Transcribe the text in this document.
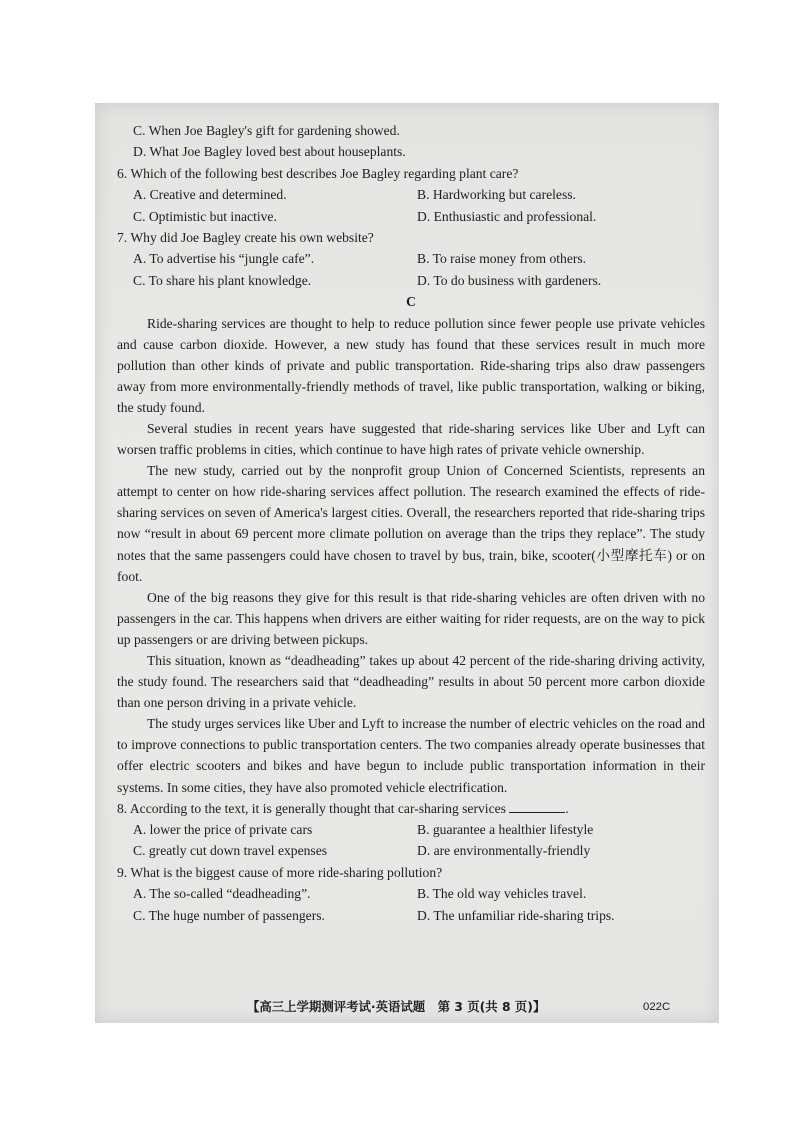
C. When Joe Bagley's gift for gardening showed.
D. What Joe Bagley loved best about houseplants.
6. Which of the following best describes Joe Bagley regarding plant care?
A. Creative and determined.	B. Hardworking but careless.
C. Optimistic but inactive.	D. Enthusiastic and professional.
7. Why did Joe Bagley create his own website?
A. To advertise his “jungle cafe”.	B. To raise money from others.
C. To share his plant knowledge.	D. To do business with gardeners.
C

Ride-sharing services are thought to help to reduce pollution since fewer people use private vehicles and cause carbon dioxide. However, a new study has found that these services result in much more pollution than other kinds of private and public transportation. Ride-sharing trips also draw passengers away from more environmentally-friendly methods of travel, like public transportation, walking or biking, the study found.

Several studies in recent years have suggested that ride-sharing services like Uber and Lyft can worsen traffic problems in cities, which continue to have high rates of private vehicle ownership.

The new study, carried out by the nonprofit group Union of Concerned Scientists, represents an attempt to center on how ride-sharing services affect pollution. The research examined the effects of ride-sharing services on seven of America's largest cities. Overall, the researchers reported that ride-sharing trips now “result in about 69 percent more climate pollution on average than the trips they replace”. The study notes that the same passengers could have chosen to travel by bus, train, bike, scooter(小型摩托车) or on foot.

One of the big reasons they give for this result is that ride-sharing vehicles are often driven with no passengers in the car. This happens when drivers are either waiting for rider requests, are on the way to pick up passengers or are driving between pickups.

This situation, known as “deadheading” takes up about 42 percent of the ride-sharing driving activity, the study found. The researchers said that “deadheading” results in about 50 percent more carbon dioxide than one person driving in a private vehicle.

The study urges services like Uber and Lyft to increase the number of electric vehicles on the road and to improve connections to public transportation centers. The two companies already operate businesses that offer electric scooters and bikes and have begun to include public transportation information in their systems. In some cities, they have also promoted vehicle electrification.

8. According to the text, it is generally thought that car-sharing services	.
A. lower the price of private cars	B. guarantee a healthier lifestyle
C. greatly cut down travel expenses	D. are environmentally-friendly
9. What is the biggest cause of more ride-sharing pollution?
A. The so-called “deadheading”.	B. The old way vehicles travel.
C. The huge number of passengers.	D. The unfamiliar ride-sharing trips.
【高三上学期测评考试·英语试题　第 3 页(共 8 页)】	022C
